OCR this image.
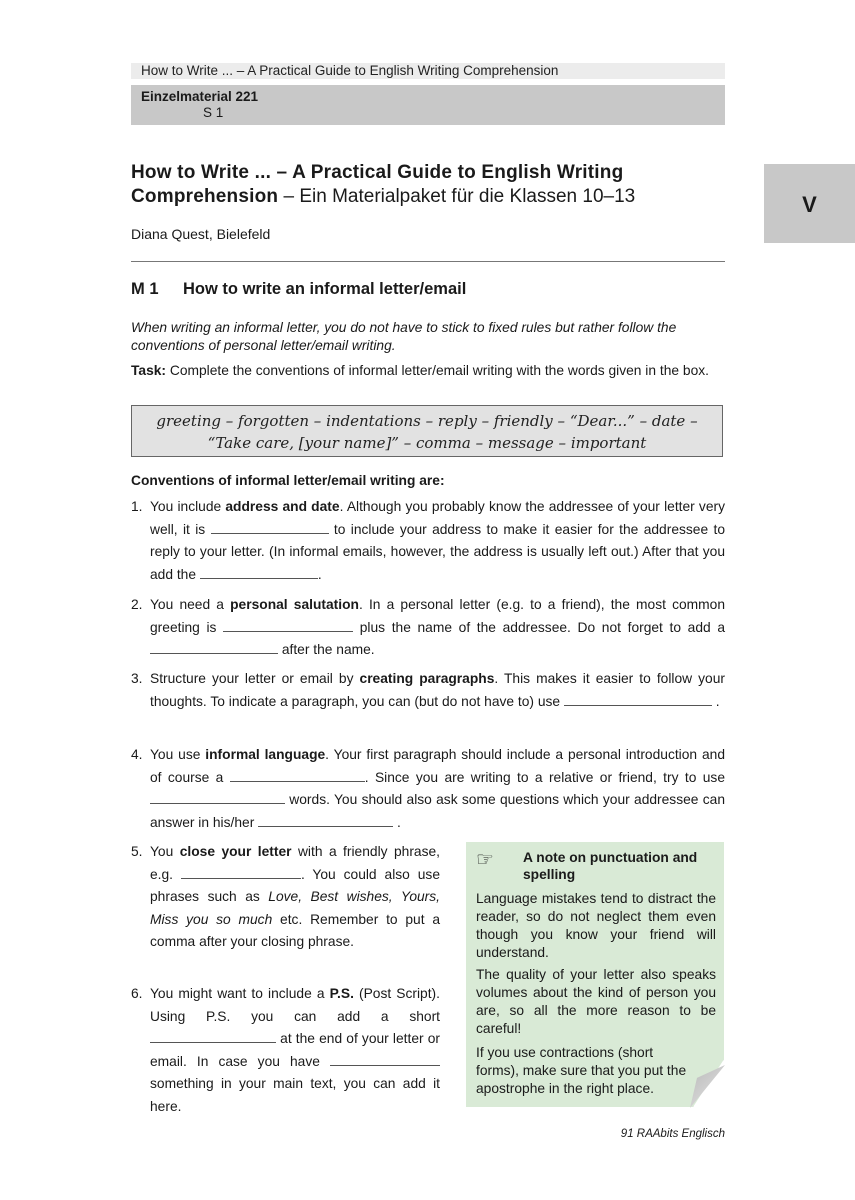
How to Write ... – A Practical Guide to English Writing Comprehension
Einzelmaterial 221
S 1
V
How to Write ... – A Practical Guide to English Writing
Comprehension – Ein Materialpaket für die Klassen 10–13
Diana Quest, Bielefeld
M 1 How to write an informal letter/email
When writing an informal letter, you do not have to stick to fixed rules but rather follow the conventions of personal letter/email writing.
Task: Complete the conventions of informal letter/email writing with the words given in the box.
greeting – forgotten – indentations – reply – friendly – “Dear...” – date –
“Take care, [your name]” – comma – message – important
Conventions of informal letter/email writing are:
1. You include address and date. Although you probably know the addressee of your letter very well, it is	to include your address to make it easier for the addressee to reply to your letter. (In informal emails, however, the address is usually left out.) After that you add the	.
2. You need a personal salutation. In a personal letter (e.g. to a friend), the most common greeting is	plus the name of the addressee. Do not forget to add a  after the name.
3. Structure your letter or email by creating paragraphs. This makes it easier to follow your thoughts. To indicate a paragraph, you can (but do not have to) use	.
4. You use informal language. Your first paragraph should include a personal introduction and of course a	. Since you are writing to a relative or friend, try to use  words. You should also ask some questions which your addressee can answer in his/her	.
5. You close your letter with a friendly phrase, e.g.	. You could also use phrases such as Love, Best wishes, Yours, Miss you so much etc. Remember to put a comma after your closing phrase.
6. You might want to include a P.S. (Post Script). Using P.S. you can add a short  at the end of your letter or email. In case you have  something in your main text, you can add it here.
☞ A note on punctuation and spelling
Language mistakes tend to distract the reader, so do not neglect them even though you know your friend will understand.
The quality of your letter also speaks volumes about the kind of person you are, so all the more reason to be careful!
If you use contractions (short forms), make sure that you put the apostrophe in the right place.
91 RAAbits Englisch
